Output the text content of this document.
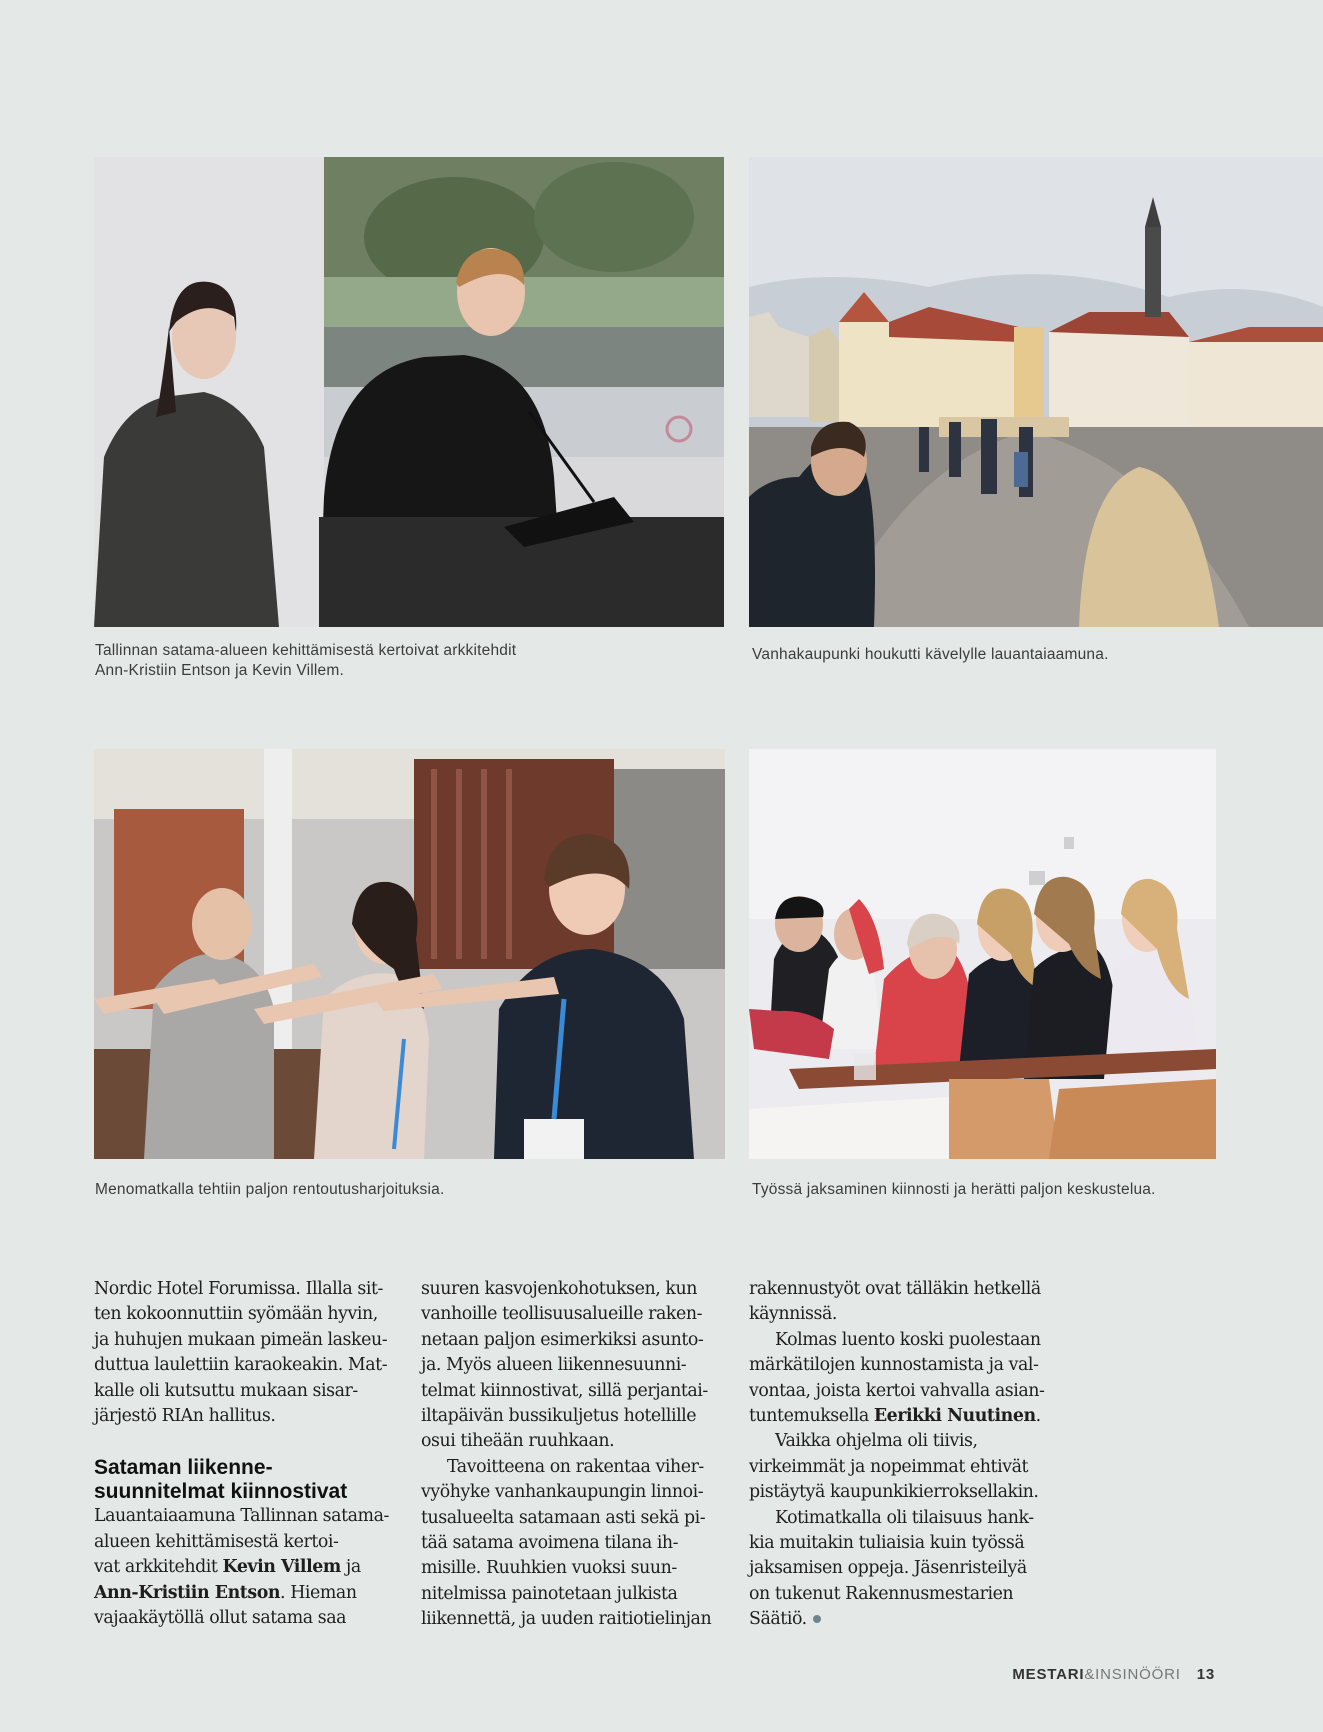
Tallinnan satama-alueen kehittämisestä kertoivat arkkitehdit
Ann-Kristiin Entson ja Kevin Villem.

Vanhakaupunki houkutti kävelylle lauantaiaamuna.

Menomatkalla tehtiin paljon rentoutusharjoituksia.	Työssä jaksaminen kiinnosti ja herätti paljon keskustelua.

Nordic Hotel Forumissa. Illalla sit-
ten kokoonnuttiin syömään hyvin,
ja huhujen mukaan pimeän laskeu-
duttua laulettiin karaokeakin. Mat-
kalle oli kutsuttu mukaan sisar-
järjestö RIAn hallitus.

Sataman liikenne-
suunnitelmat kiinnostivat

Lauantaiaamuna Tallinnan satama-
alueen kehittämisestä kertoi-
vat arkkitehdit Kevin Villem ja
Ann-Kristiin Entson. Hieman
vajaakäytöllä ollut satama saa

suuren kasvojenkohotuksen, kun
vanhoille teollisuusalueille raken-
netaan paljon esimerkiksi asunto-
ja. Myös alueen liikennesuunni-
telmat kiinnostivat, sillä perjantai-
iltapäivän bussikuljetus hotellille
osui tiheään ruuhkaan.

Tavoitteena on rakentaa viher-
vyöhyke vanhankaupungin linnoi-
tusalueelta satamaan asti sekä pi-
tää satama avoimena tilana ih-
misille. Ruuhkien vuoksi suun-
nitelmissa painotetaan julkista
liikennettä, ja uuden raitiotielinjan

rakennustyöt ovat tälläkin hetkellä
käynnissä.

Kolmas luento koski puolestaan
märkätilojen kunnostamista ja val-
vontaa, joista kertoi vahvalla asian-
tuntemuksella Eerikki Nuutinen.

Vaikka ohjelma oli tiivis,
virkeimmät ja nopeimmat ehtivät
pistäytyä kaupunkikierroksellakin.

Kotimatkalla oli tilaisuus hank-
kia muitakin tuliaisia kuin työssä
jaksamisen oppeja. Jäsenristeilyä
on tukenut Rakennusmestarien
Säätiö.

MESTARI&INSINÖÖRI 13
